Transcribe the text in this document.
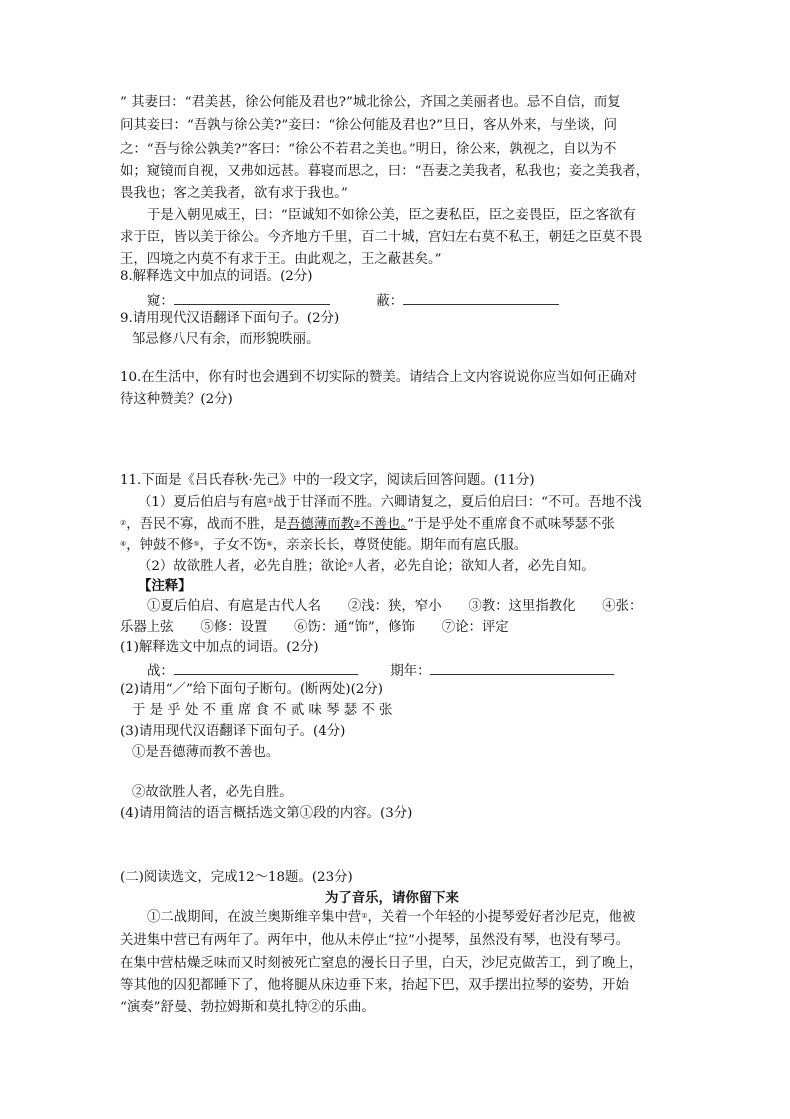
” 其妻曰：“君美甚，徐公何能及君也?”城北徐公，齐国之美丽者也。忌不自信，而复
问其妾曰：“吾孰与徐公美?”妾曰：“徐公何能及君也?”旦日，客从外来，与坐谈，问
之：“吾与徐公孰美?”客曰：“徐公不若君之美也。”明日，徐公来，孰视之，自以为不
如；窥镜而自视，又弗如远甚。暮寝而思之，曰：“吾妻之美我者，私我也；妾之美我者，
畏我也；客之美我者，欲有求于我也。”
于是入朝见威王，曰：“臣诚知不如徐公美，臣之妻私臣，臣之妾畏臣，臣之客欲有
求于臣，皆以美于徐公。今齐地方千里，百二十城，宫妇左右莫不私王，朝廷之臣莫不畏
王，四境之内莫不有求于王。由此观之，王之蔽甚矣。”
8.解释选文中加点的词语。(2分)
窥：	蔽：
9.请用现代汉语翻译下面句子。(2分)
邹忌修八尺有余，而形貌昳丽。
10.在生活中，你有时也会遇到不切实际的赞美。请结合上文内容说说你应当如何正确对
待这种赞美？(2分)
11.下面是《吕氏春秋·先己》中的一段文字，阅读后回答问题。(11分)
（1）夏后伯启与有扈①战于甘泽而不胜。六卿请复之，夏后伯启曰：“不可。吾地不浅
②，吾民不寡，战而不胜，是吾德薄而教③不善也。”于是乎处不重席食不贰味琴瑟不张
④，钟鼓不修⑤，子女不饬⑥，亲亲长长，尊贤使能。期年而有扈氏服。
（2）故欲胜人者，必先自胜；欲论⑦人者，必先自论；欲知人者，必先自知。
【注释】
①夏后伯启、有扈是古代人名　　②浅：狭，窄小　　③教：这里指教化　　④张：
乐器上弦　　⑤修：设置　　⑥饬：通“饰”，修饰　　⑦论：评定
(1)解释选文中加点的词语。(2分)
战：	期年：
(2)请用“／”给下面句子断句。(断两处)(2分)
于 是 乎 处 不 重 席 食 不 贰 味 琴 瑟 不 张
(3)请用现代汉语翻译下面句子。(4分)
①是吾德薄而教不善也。
②故欲胜人者，必先自胜。
(4)请用简洁的语言概括选文第①段的内容。(3分)
(二)阅读选文，完成12～18题。(23分)
为了音乐，请你留下来
①二战期间，在波兰奥斯维辛集中营①，关着一个年轻的小提琴爱好者沙尼克，他被
关进集中营已有两年了。两年中，他从未停止“拉”小提琴，虽然没有琴，也没有琴弓。
在集中营枯燥乏味而又时刻被死亡窒息的漫长日子里，白天，沙尼克做苦工，到了晚上，
等其他的囚犯都睡下了，他将腿从床边垂下来，抬起下巴，双手摆出拉琴的姿势，开始
“演奏”舒曼、勃拉姆斯和莫扎特②的乐曲。
